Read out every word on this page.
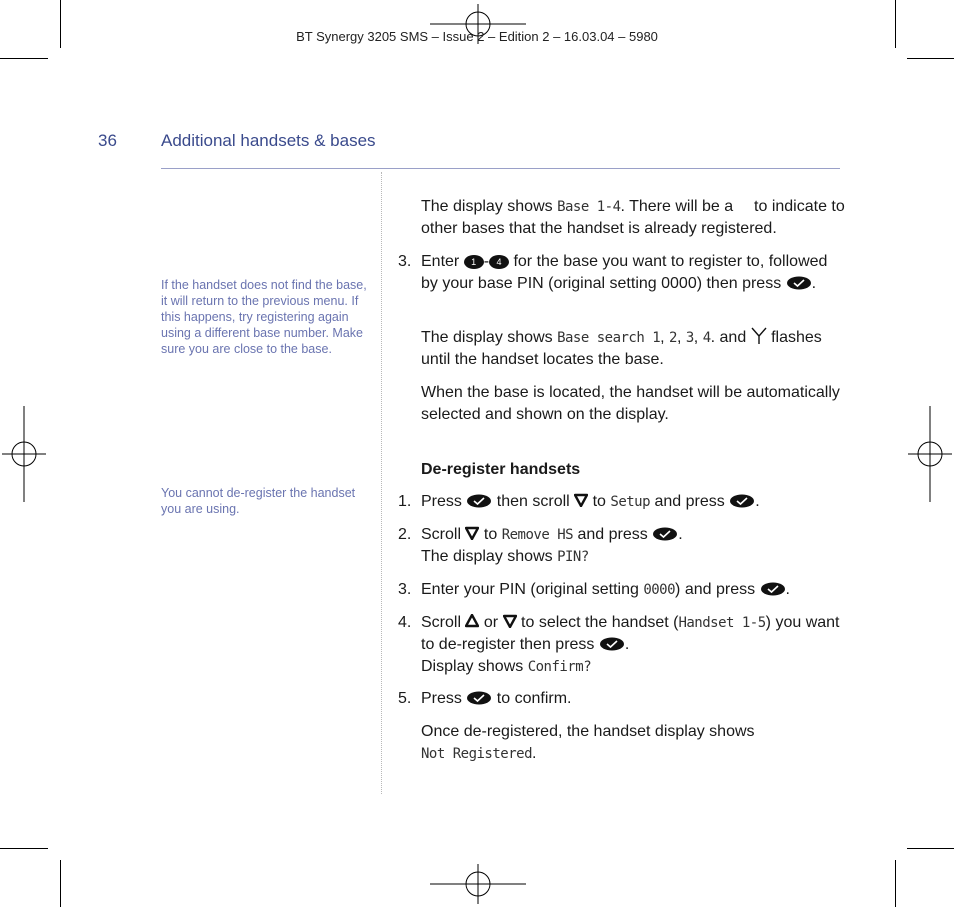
BT Synergy 3205 SMS – Issue 2 – Edition 2 – 16.03.04 – 5980
36	Additional handsets & bases
If the handset does not find the base, it will return to the previous menu. If this happens, try registering again using a different base number. Make sure you are close to the base.
You cannot de-register the handset you are using.
The display shows Base 1-4. There will be a  to indicate to other bases that the handset is already registered.
3. Enter 1 - 4 for the base you want to register to, followed by your base PIN (original setting 0000) then press .
The display shows Base search 1, 2, 3, 4. and  flashes until the handset locates the base.
When the base is located, the handset will be automatically selected and shown on the display.
De-register handsets
1. Press  then scroll  to Setup and press .
2. Scroll  to Remove HS and press .
The display shows PIN?
3. Enter your PIN (original setting 0000) and press .
4. Scroll  or  to select the handset (Handset 1-5) you want to de-register then press .
Display shows Confirm?
5. Press  to confirm.
Once de-registered, the handset display shows
Not Registered.
